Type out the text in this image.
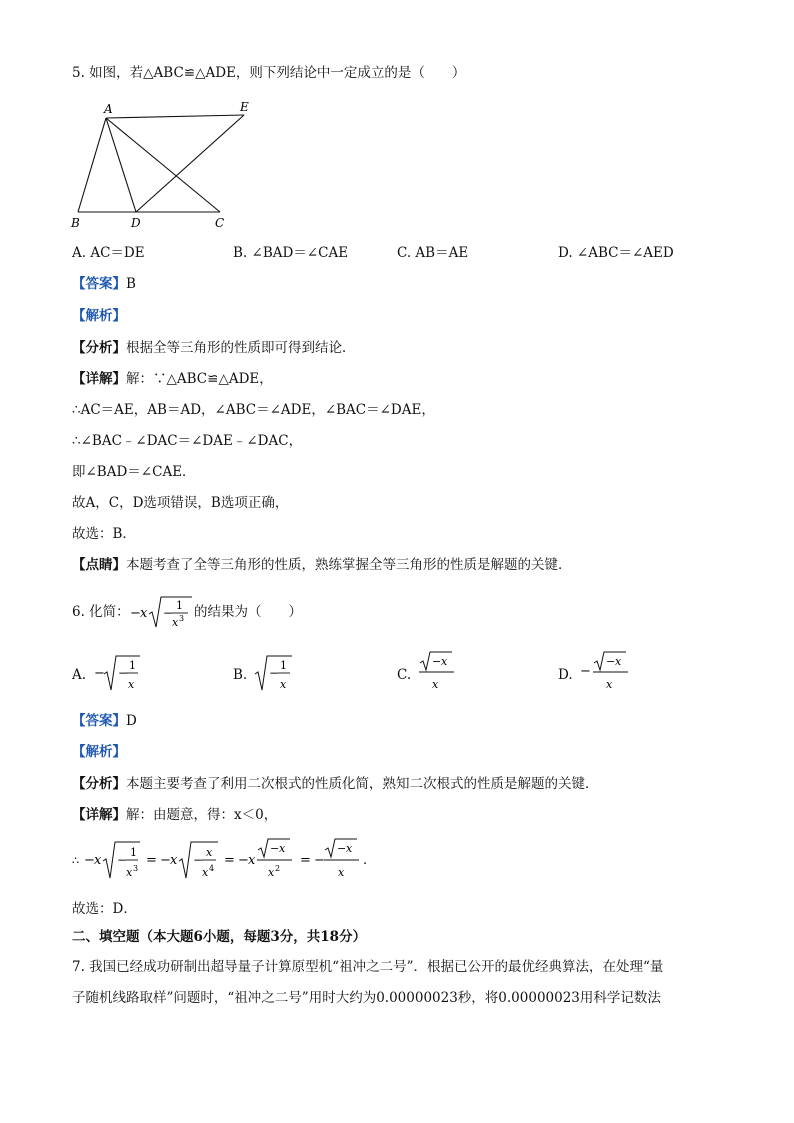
5. 如图，若△ABC≌△ADE，则下列结论中一定成立的是（　　）
A
B	D	C
E
A. AC＝DE	B. ∠BAD＝∠CAE	C. AB＝AE	D. ∠ABC＝∠AED
【答案】B
【解析】
【分析】根据全等三角形的性质即可得到结论．
【详解】解：∵△ABC≌△ADE，
∴AC＝AE，AB＝AD，∠ABC＝∠ADE，∠BAC＝∠DAE，
∴∠BAC﹣∠DAC＝∠DAE﹣∠DAC，
即∠BAD＝∠CAE．
故A，C，D选项错误，B选项正确，
故选：B．
【点睛】本题考查了全等三角形的性质，熟练掌握全等三角形的性质是解题的关键．
6. 化简： − x −
1
x 3 的结果为（　　）
A. − −
1
x
B. −
1
x
C.
− x
x
D. −
− x
x
【答案】D
【解析】
【分析】本题主要考查了利用二次根式的性质化简，熟知二次根式的性质是解题的关键．
【详解】解：由题意，得：x＜0，
∴ − x −
1
x 3
= − x −
x
x 4
= − x
− x
x 2
= −
− x
x
.
故选：D．
二、填空题（本大题6小题，每题3分，共18分）
7. 我国已经成功研制出超导量子计算原型机“祖冲之二号”．根据已公开的最优经典算法，在处理“量
子随机线路取样”问题时，“祖冲之二号”用时大约为0.00000023秒，将0.00000023用科学记数法
